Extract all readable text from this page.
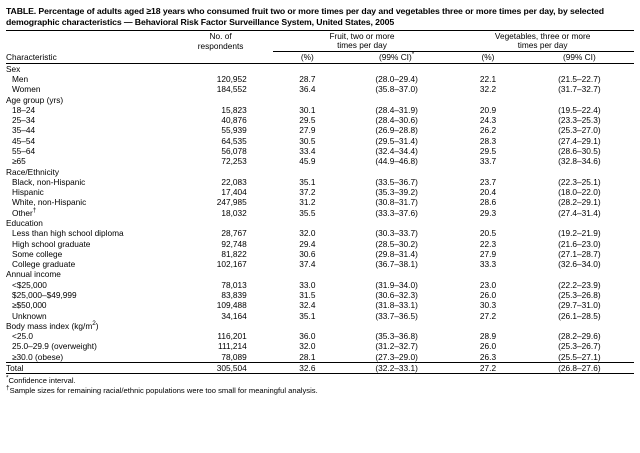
TABLE. Percentage of adults aged ≥18 years who consumed fruit two or more times per day and vegetables three or more times per day, by selected demographic characteristics — Behavioral Risk Factor Surveillance System, United States, 2005
Characteristic	No. of	Fruit, two or more		Vegetables, three or more	
	respondents	times per day		times per day	
		(%)	(99% CI)*	(%)	(99% CI)

Sex					
Men	120,952	28.7	(28.0–29.4)	22.1	(21.5–22.7)
Women	184,552	36.4	(35.8–37.0)	32.2	(31.7–32.7)
Age group (yrs)					
18–24	15,823	30.1	(28.4–31.9)	20.9	(19.5–22.4)
25–34	40,876	29.5	(28.4–30.6)	24.3	(23.3–25.3)
35–44	55,939	27.9	(26.9–28.8)	26.2	(25.3–27.0)
45–54	64,535	30.5	(29.5–31.4)	28.3	(27.4–29.1)
55–64	56,078	33.4	(32.4–34.4)	29.5	(28.6–30.5)
≥65	72,253	45.9	(44.9–46.8)	33.7	(32.8–34.6)
Race/Ethnicity					
Black, non-Hispanic	22,083	35.1	(33.5–36.7)	23.7	(22.3–25.1)
Hispanic	17,404	37.2	(35.3–39.2)	20.4	(18.0–22.0)
White, non-Hispanic	247,985	31.2	(30.8–31.7)	28.6	(28.2–29.1)
Other†	18,032	35.5	(33.3–37.6)	29.3	(27.4–31.4)
Education					
Less than high school diploma	28,767	32.0	(30.3–33.7)	20.5	(19.2–21.9)
High school graduate	92,748	29.4	(28.5–30.2)	22.3	(21.6–23.0)
Some college	81,822	30.6	(29.8–31.4)	27.9	(27.1–28.7)
College graduate	102,167	37.4	(36.7–38.1)	33.3	(32.6–34.0)
Annual income					
<$25,000	78,013	33.0	(31.9–34.0)	23.0	(22.2–23.9)
$25,000–$49,999	83,839	31.5	(30.6–32.3)	26.0	(25.3–26.8)
≥$50,000	109,488	32.4	(31.8–33.1)	30.3	(29.7–31.0)
Unknown	34,164	35.1	(33.7–36.5)	27.2	(26.1–28.5)
Body mass index $(kg/m^2)$					
<25.0	116,201	36.0	(35.3–36.8)	28.9	(28.2–29.6)
25.0–29.9 (overweight)	111,214	32.0	(31.2–32.7)	26.0	(25.3–26.7)
≥30.0 (obese)	78,089	28.1	(27.3–29.0)	26.3	(25.5–27.1)
Total	305,504	32.6	(32.2–33.1)	27.2	(26.8–27.6)

*Confidence interval.
†Sample sizes for remaining racial/ethnic populations were too small for meaningful analysis.
